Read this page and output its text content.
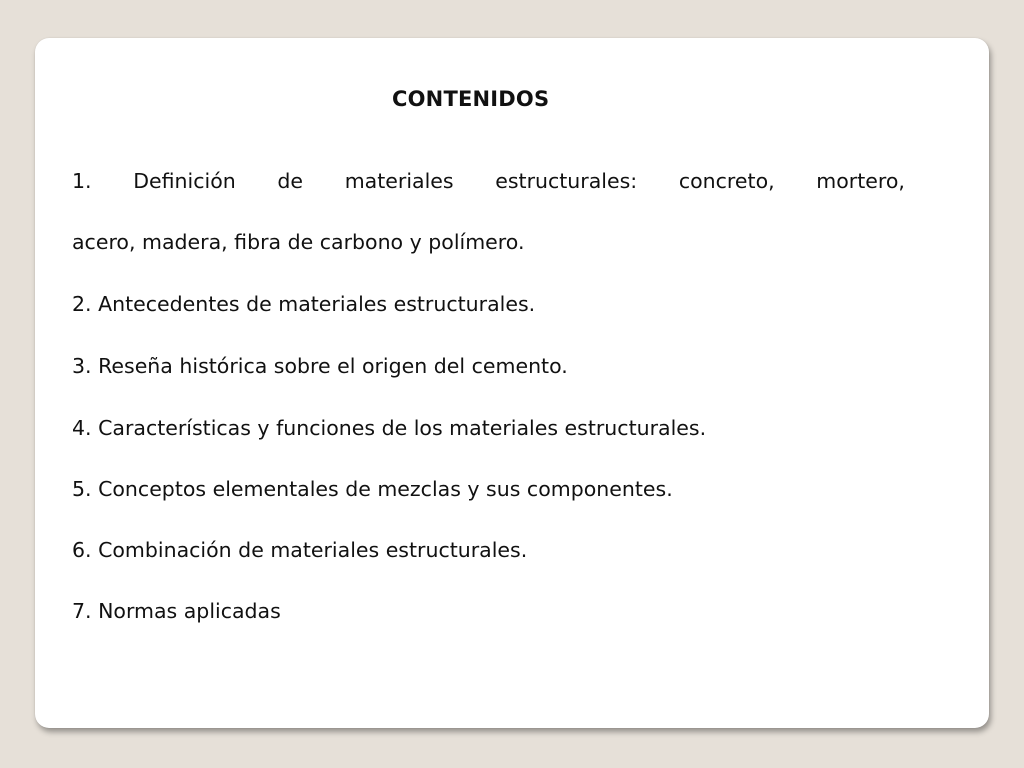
CONTENIDOS
1. Definición de materiales estructurales: concreto, mortero,
acero, madera, fibra de carbono y polímero.
2. Antecedentes de materiales estructurales.
3. Reseña histórica sobre el origen del cemento.
4. Características y funciones de los materiales estructurales.
5. Conceptos elementales de mezclas y sus componentes.
6. Combinación de materiales estructurales.
7. Normas aplicadas
